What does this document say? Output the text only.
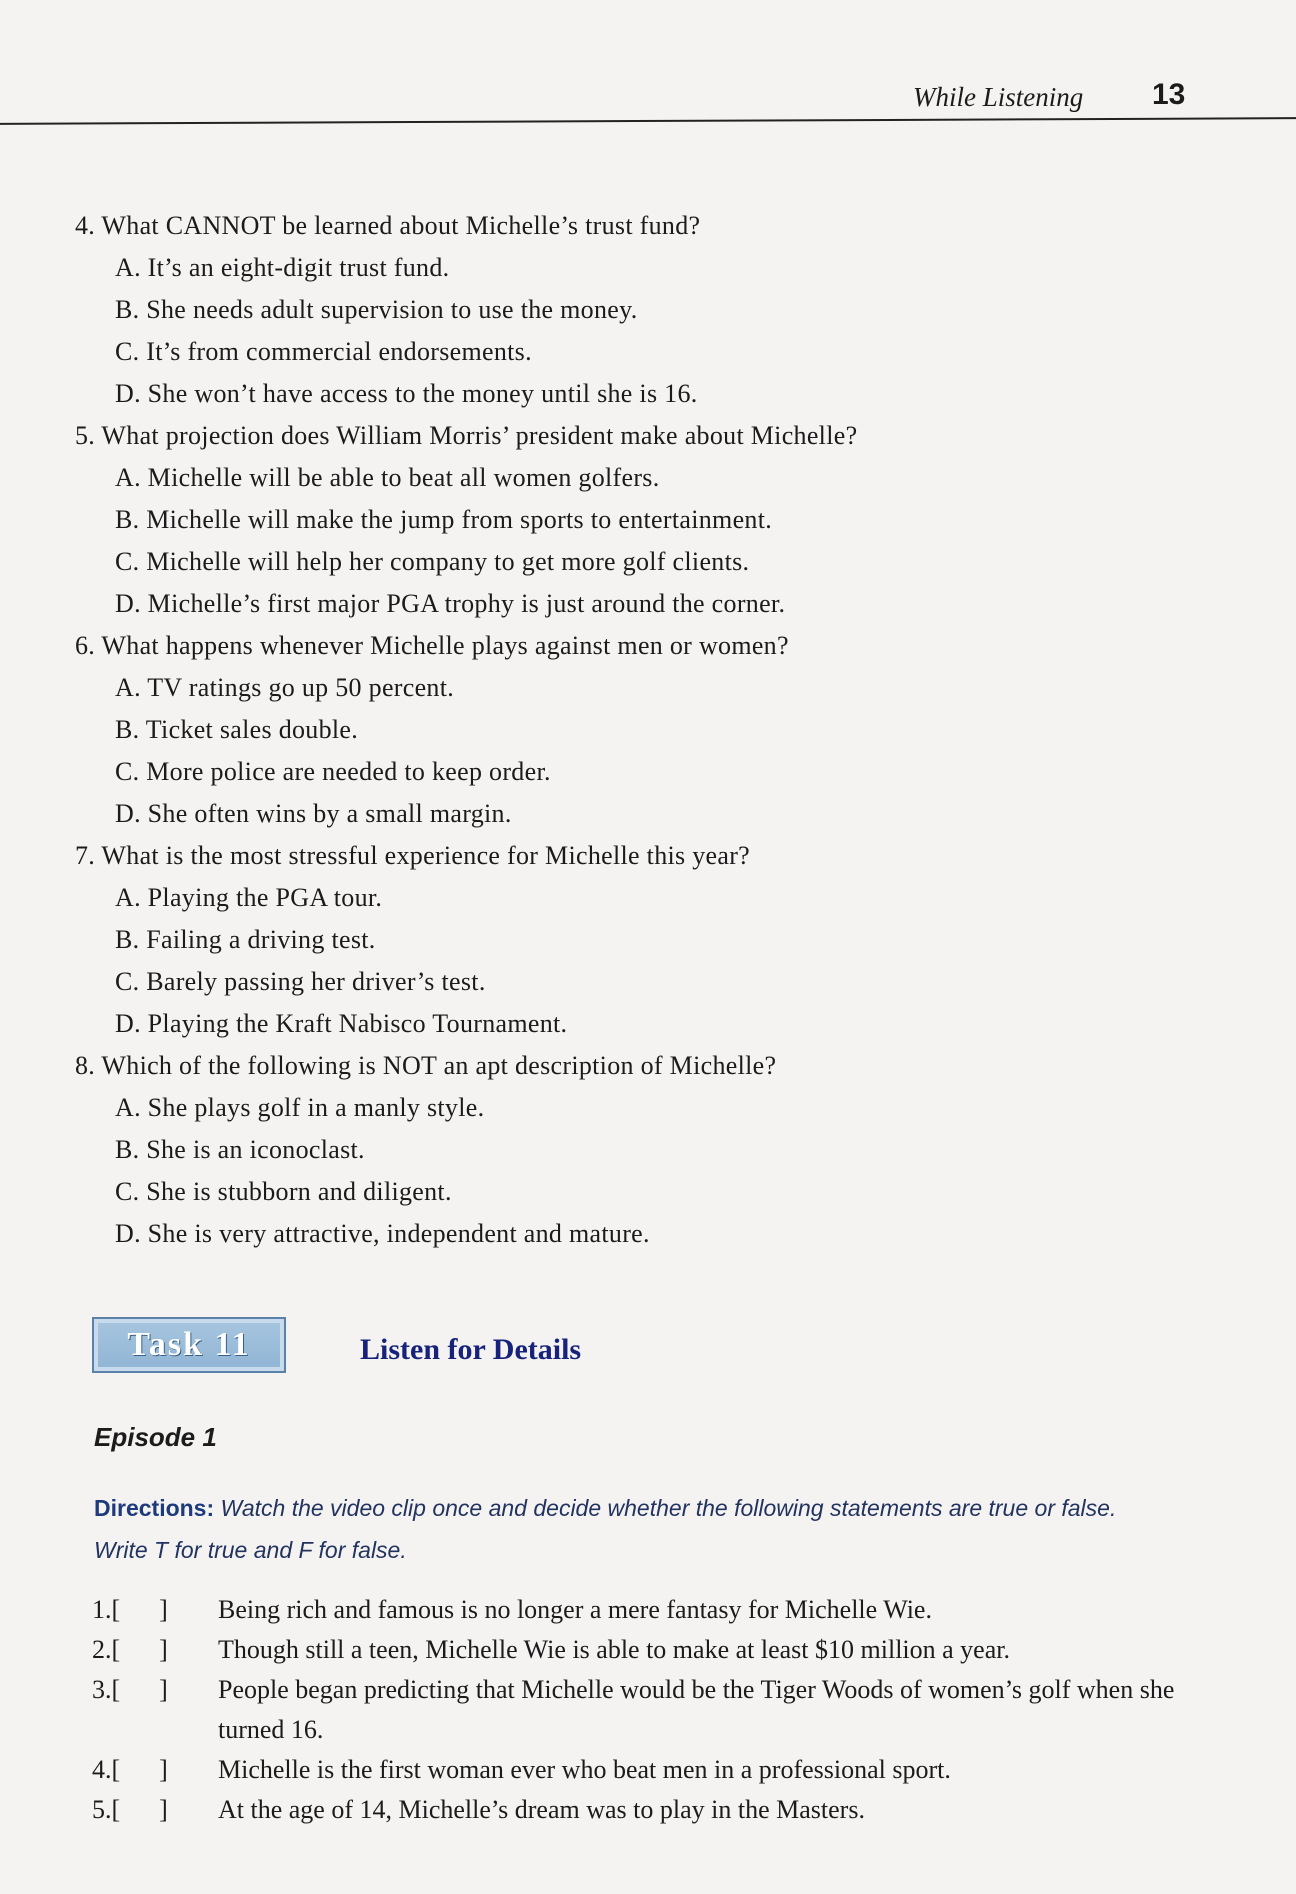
While Listening 13
4. What CANNOT be learned about Michelle’s trust fund?
A. It’s an eight-digit trust fund.
B. She needs adult supervision to use the money.
C. It’s from commercial endorsements.
D. She won’t have access to the money until she is 16.
5. What projection does William Morris’ president make about Michelle?
A. Michelle will be able to beat all women golfers.
B. Michelle will make the jump from sports to entertainment.
C. Michelle will help her company to get more golf clients.
D. Michelle’s first major PGA trophy is just around the corner.
6. What happens whenever Michelle plays against men or women?
A. TV ratings go up 50 percent.
B. Ticket sales double.
C. More police are needed to keep order.
D. She often wins by a small margin.
7. What is the most stressful experience for Michelle this year?
A. Playing the PGA tour.
B. Failing a driving test.
C. Barely passing her driver’s test.
D. Playing the Kraft Nabisco Tournament.
8. Which of the following is NOT an apt description of Michelle?
A. She plays golf in a manly style.
B. She is an iconoclast.
C. She is stubborn and diligent.
D. She is very attractive, independent and mature.
Task 11	Listen for Details
Episode 1
Directions: Watch the video clip once and decide whether the following statements are true or false. Write T for true and F for false.
1.[      ]	Being rich and famous is no longer a mere fantasy for Michelle Wie.
2.[      ]	Though still a teen, Michelle Wie is able to make at least $10 million a year.
3.[      ]	People began predicting that Michelle would be the Tiger Woods of women’s golf when she turned 16.
4.[      ]	Michelle is the first woman ever who beat men in a professional sport.
5.[      ]	At the age of 14, Michelle’s dream was to play in the Masters.
